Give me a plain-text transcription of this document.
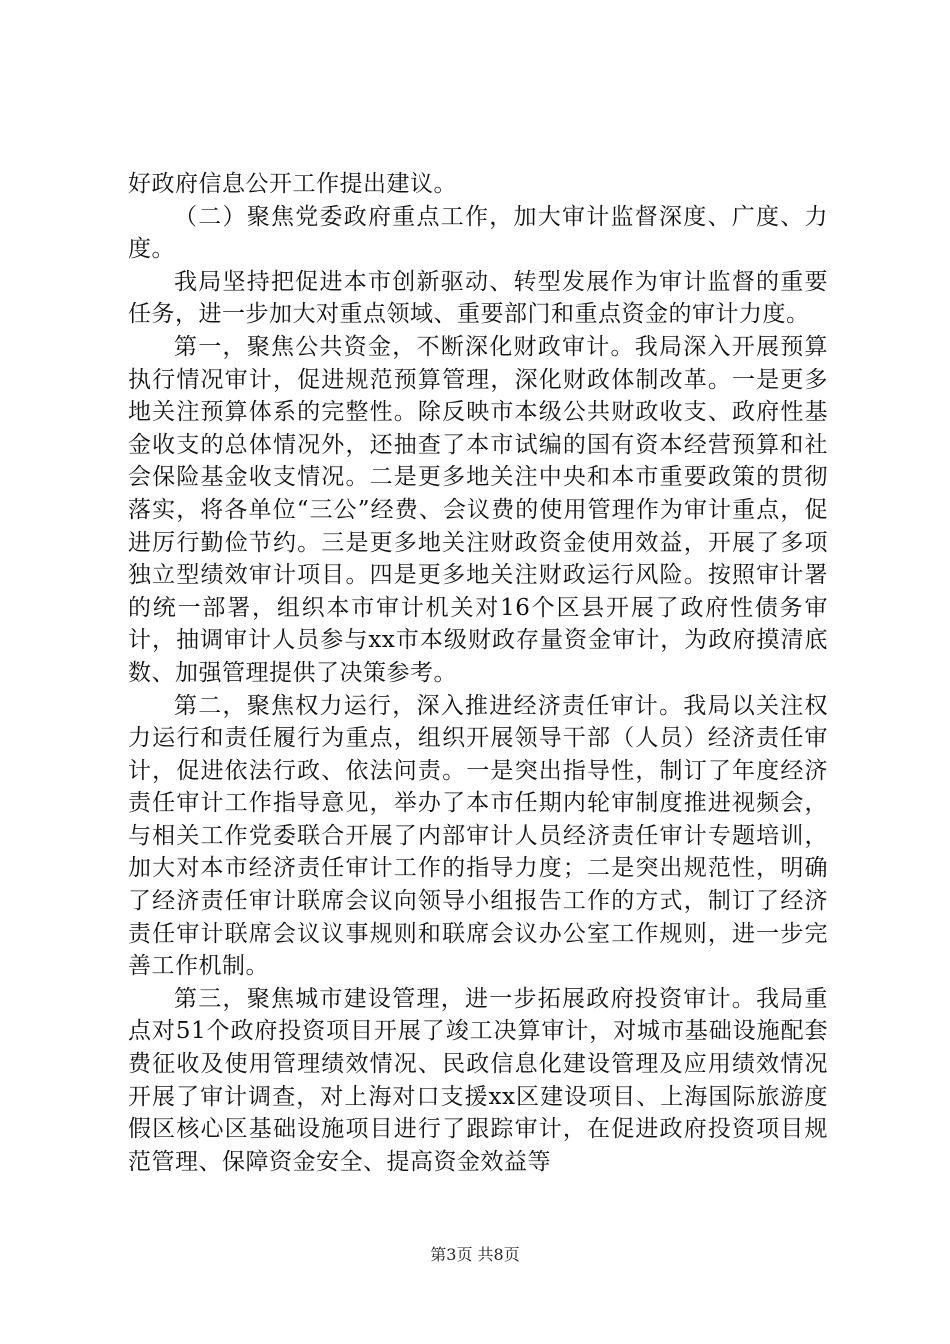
好政府信息公开工作提出建议。

（二）聚焦党委政府重点工作，加大审计监督深度、广度、力度。

我局坚持把促进本市创新驱动、转型发展作为审计监督的重要任务，进一步加大对重点领域、重要部门和重点资金的审计力度。

第一，聚焦公共资金，不断深化财政审计。我局深入开展预算执行情况审计，促进规范预算管理，深化财政体制改革。一是更多地关注预算体系的完整性。除反映市本级公共财政收支、政府性基金收支的总体情况外，还抽查了本市试编的国有资本经营预算和社会保险基金收支情况。二是更多地关注中央和本市重要政策的贯彻落实，将各单位“三公”经费、会议费的使用管理作为审计重点，促进厉行勤俭节约。三是更多地关注财政资金使用效益，开展了多项独立型绩效审计项目。四是更多地关注财政运行风险。按照审计署的统一部署，组织本市审计机关对16个区县开展了政府性债务审计，抽调审计人员参与xx市本级财政存量资金审计，为政府摸清底数、加强管理提供了决策参考。

第二，聚焦权力运行，深入推进经济责任审计。我局以关注权力运行和责任履行为重点，组织开展领导干部（人员）经济责任审计，促进依法行政、依法问责。一是突出指导性，制订了年度经济责任审计工作指导意见，举办了本市任期内轮审制度推进视频会，与相关工作党委联合开展了内部审计人员经济责任审计专题培训，加大对本市经济责任审计工作的指导力度；二是突出规范性，明确了经济责任审计联席会议向领导小组报告工作的方式，制订了经济责任审计联席会议议事规则和联席会议办公室工作规则，进一步完善工作机制。

第三，聚焦城市建设管理，进一步拓展政府投资审计。我局重点对51个政府投资项目开展了竣工决算审计，对城市基础设施配套费征收及使用管理绩效情况、民政信息化建设管理及应用绩效情况开展了审计调查，对上海对口支援xx区建设项目、上海国际旅游度假区核心区基础设施项目进行了跟踪审计，在促进政府投资项目规范管理、保障资金安全、提高资金效益等

第3页 共8页
